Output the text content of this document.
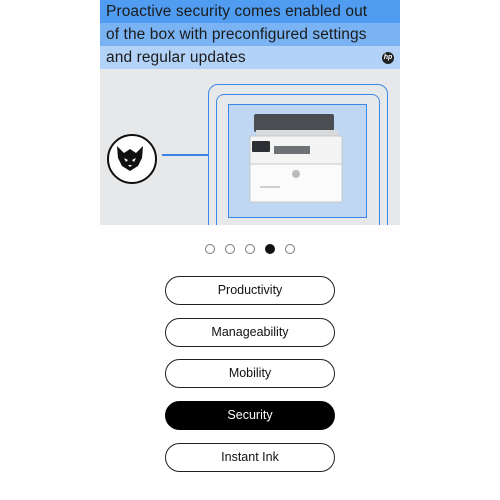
Proactive security comes enabled out
of the box with preconfigured settings
and regular updates	hp

Productivity
Manageability
Mobility
Security
Instant Ink
